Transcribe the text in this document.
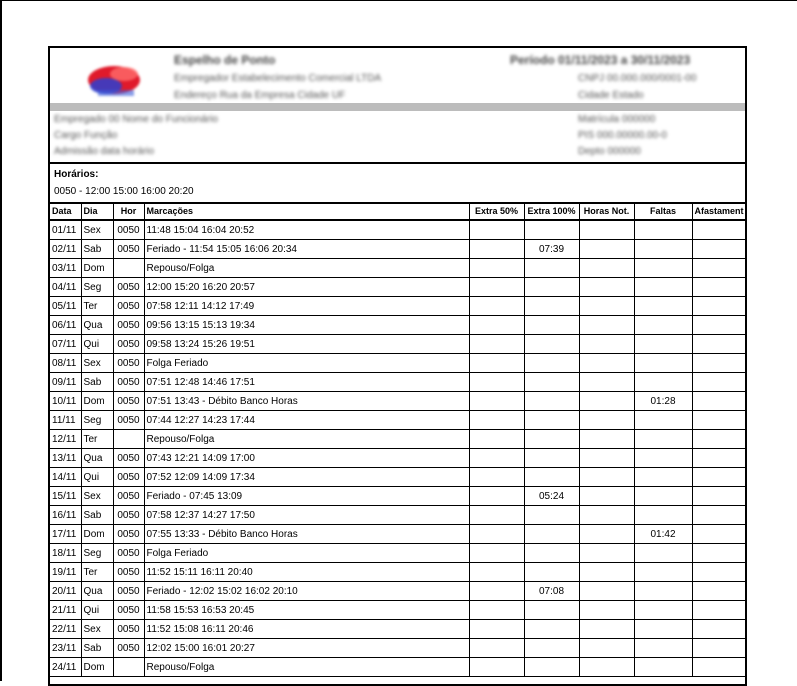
Espelho de Ponto	Período 01/11/2023 a 30/11/2023
Empregador Estabelecimento Comercial LTDA	CNPJ 00.000.000/0001-00
Endereço Rua da Empresa Cidade UF	Cidade Estado
Empregado 00 Nome do Funcionário	Matrícula 000000
Cargo Função	PIS 000.00000.00-0
Admissão data horário	Depto 000000
Horários:
0050 - 12:00 15:00 16:00 20:20
Data	Dia	Hor	Marcações	Extra 50%	Extra 100%	Horas Not.	Faltas	Afastament
01/11	Sex	0050	11:48 15:04 16:04 20:52					
02/11	Sab	0050	Feriado - 11:54 15:05 16:06 20:34		07:39			
03/11	Dom		Repouso/Folga					
04/11	Seg	0050	12:00 15:20 16:20 20:57					
05/11	Ter	0050	07:58 12:11 14:12 17:49					
06/11	Qua	0050	09:56 13:15 15:13 19:34					
07/11	Qui	0050	09:58 13:24 15:26 19:51					
08/11	Sex	0050	Folga Feriado					
09/11	Sab	0050	07:51 12:48 14:46 17:51					
10/11	Dom	0050	07:51 13:43 - Débito Banco Horas				01:28	
11/11	Seg	0050	07:44 12:27 14:23 17:44					
12/11	Ter		Repouso/Folga					
13/11	Qua	0050	07:43 12:21 14:09 17:00					
14/11	Qui	0050	07:52 12:09 14:09 17:34					
15/11	Sex	0050	Feriado - 07:45 13:09		05:24			
16/11	Sab	0050	07:58 12:37 14:27 17:50					
17/11	Dom	0050	07:55 13:33 - Débito Banco Horas				01:42	
18/11	Seg	0050	Folga Feriado					
19/11	Ter	0050	11:52 15:11 16:11 20:40					
20/11	Qua	0050	Feriado - 12:02 15:02 16:02 20:10		07:08			
21/11	Qui	0050	11:58 15:53 16:53 20:45					
22/11	Sex	0050	11:52 15:08 16:11 20:46					
23/11	Sab	0050	12:02 15:00 16:01 20:27					
24/11	Dom		Repouso/Folga					
